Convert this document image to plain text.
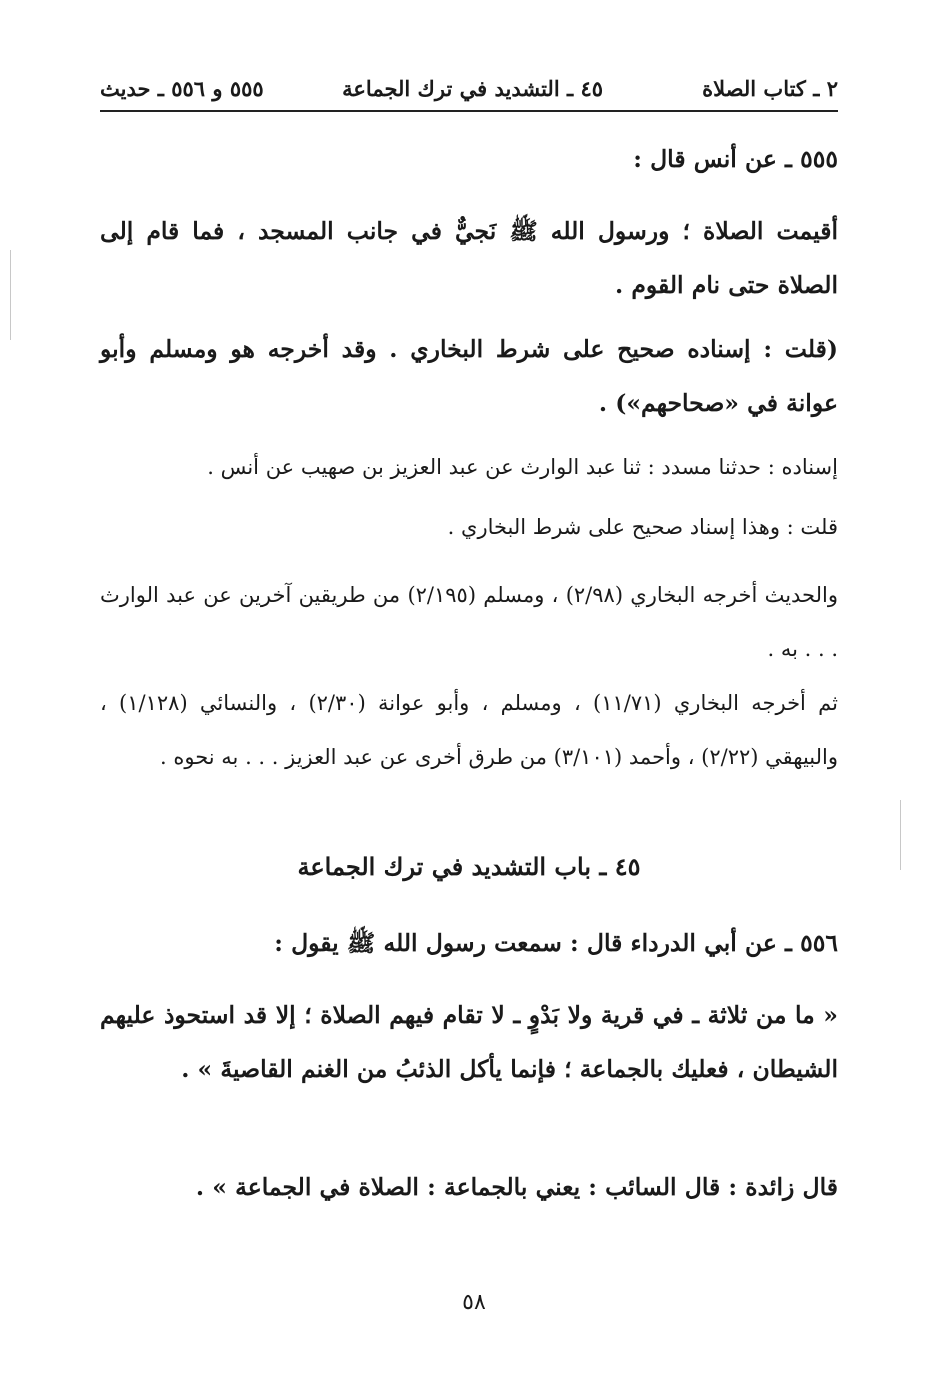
٢ ـ كتاب الصلاة
٤٥ ـ التشديد في ترك الجماعة
٥٥٥ و ٥٥٦ ـ حديث

٥٥٥ ـ عن أنس قال :

أقيمت الصلاة ؛ ورسول الله ﷺ نَجيٌّ في جانب المسجد ، فما قام إلى الصلاة حتى نام القوم .

(قلت : إسناده صحيح على شرط البخاري . وقد أخرجه هو ومسلم وأبو عوانة في «صحاحهم») .

إسناده : حدثنا مسدد : ثنا عبد الوارث عن عبد العزيز بن صهيب عن أنس .

قلت : وهذا إسناد صحيح على شرط البخاري .

والحديث أخرجه البخاري (٢/٩٨) ، ومسلم (٢/١٩٥) من طريقين آخرين عن عبد الوارث . . . به .

ثم أخرجه البخاري (١١/٧١) ، ومسلم ، وأبو عوانة (٢/٣٠) ، والنسائي (١/١٢٨) ، والبيهقي (٢/٢٢) ، وأحمد (٣/١٠١) من طرق أخرى عن عبد العزيز . . . به نحوه .

٤٥ ـ باب التشديد في ترك الجماعة

٥٥٦ ـ عن أبي الدرداء قال : سمعت رسول الله ﷺ يقول :

« ما من ثلاثة ـ في قرية ولا بَدْوٍ ـ لا تقام فيهم الصلاة ؛ إلا قد استحوذ عليهم الشيطان ، فعليك بالجماعة ؛ فإنما يأكل الذئبُ من الغنم القاصيةَ » .

قال زائدة : قال السائب : يعني بالجماعة : الصلاة في الجماعة » .

٥٨
